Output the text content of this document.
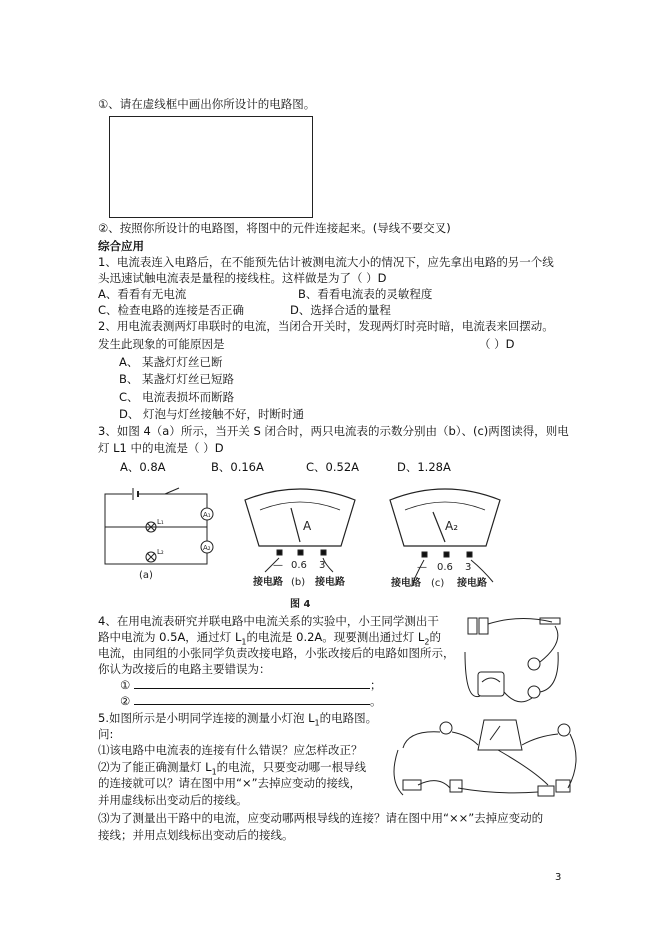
①、请在虚线框中画出你所设计的电路图。
②、按照你所设计的电路图，将图中的元件连接起来。(导线不要交叉)
综合应用
1、电流表连入电路后，在不能预先估计被测电流大小的情况下，应先拿出电路的另一个线
头迅速试触电流表是量程的接线柱。这样做是为了（ ）D
A、看看有无电流	B、看看电流表的灵敏程度
C、检查电路的连接是否正确	D、选择合适的量程
2、用电流表测两灯串联时的电流，当闭合开关时，发现两灯时亮时暗，电流表来回摆动。
发生此现象的可能原因是	（ ）D
A、 某盏灯灯丝已断
B、 某盏灯灯丝已短路
C、 电流表损坏而断路
D、 灯泡与灯丝接触不好，时断时通
3、如图 4（a）所示，当开关 S 闭合时，两只电流表的示数分别由（b）、(c)两图读得，则电
灯 L1 中的电流是（ ）D
A、0.8A	B、0.16A	C、0.52A	D、1.28A
A₁
A₂
L₁
L₂
(a)
A
— 0.6 3
接电路 (b) 接电路
A₂
— 0.6 3
接电路 (c) 接电路
图 4
4、在用电流表研究并联电路中电流关系的实验中，小王同学测出干
路中电流为 0.5A，通过灯 $L_1$的电流是 0.2A。现要测出通过灯 $L_2$的
电流，由同组的小张同学负责改接电路，小张改接后的电路如图所示，
你认为改接后的电路主要错误为：
①	；
②	。
5.如图所示是小明同学连接的测量小灯泡 $L_1$的电路图。
问:
⑴该电路中电流表的连接有什么错误？应怎样改正？
⑵为了能正确测量灯 $L_1$的电流，只要变动哪一根导线
的连接就可以？请在图中用“×”去掉应变动的接线，
并用虚线标出变动后的接线。
⑶为了测量出干路中的电流，应变动哪两根导线的连接？请在图中用“××”去掉应变动的
接线；并用点划线标出变动后的接线。
3
